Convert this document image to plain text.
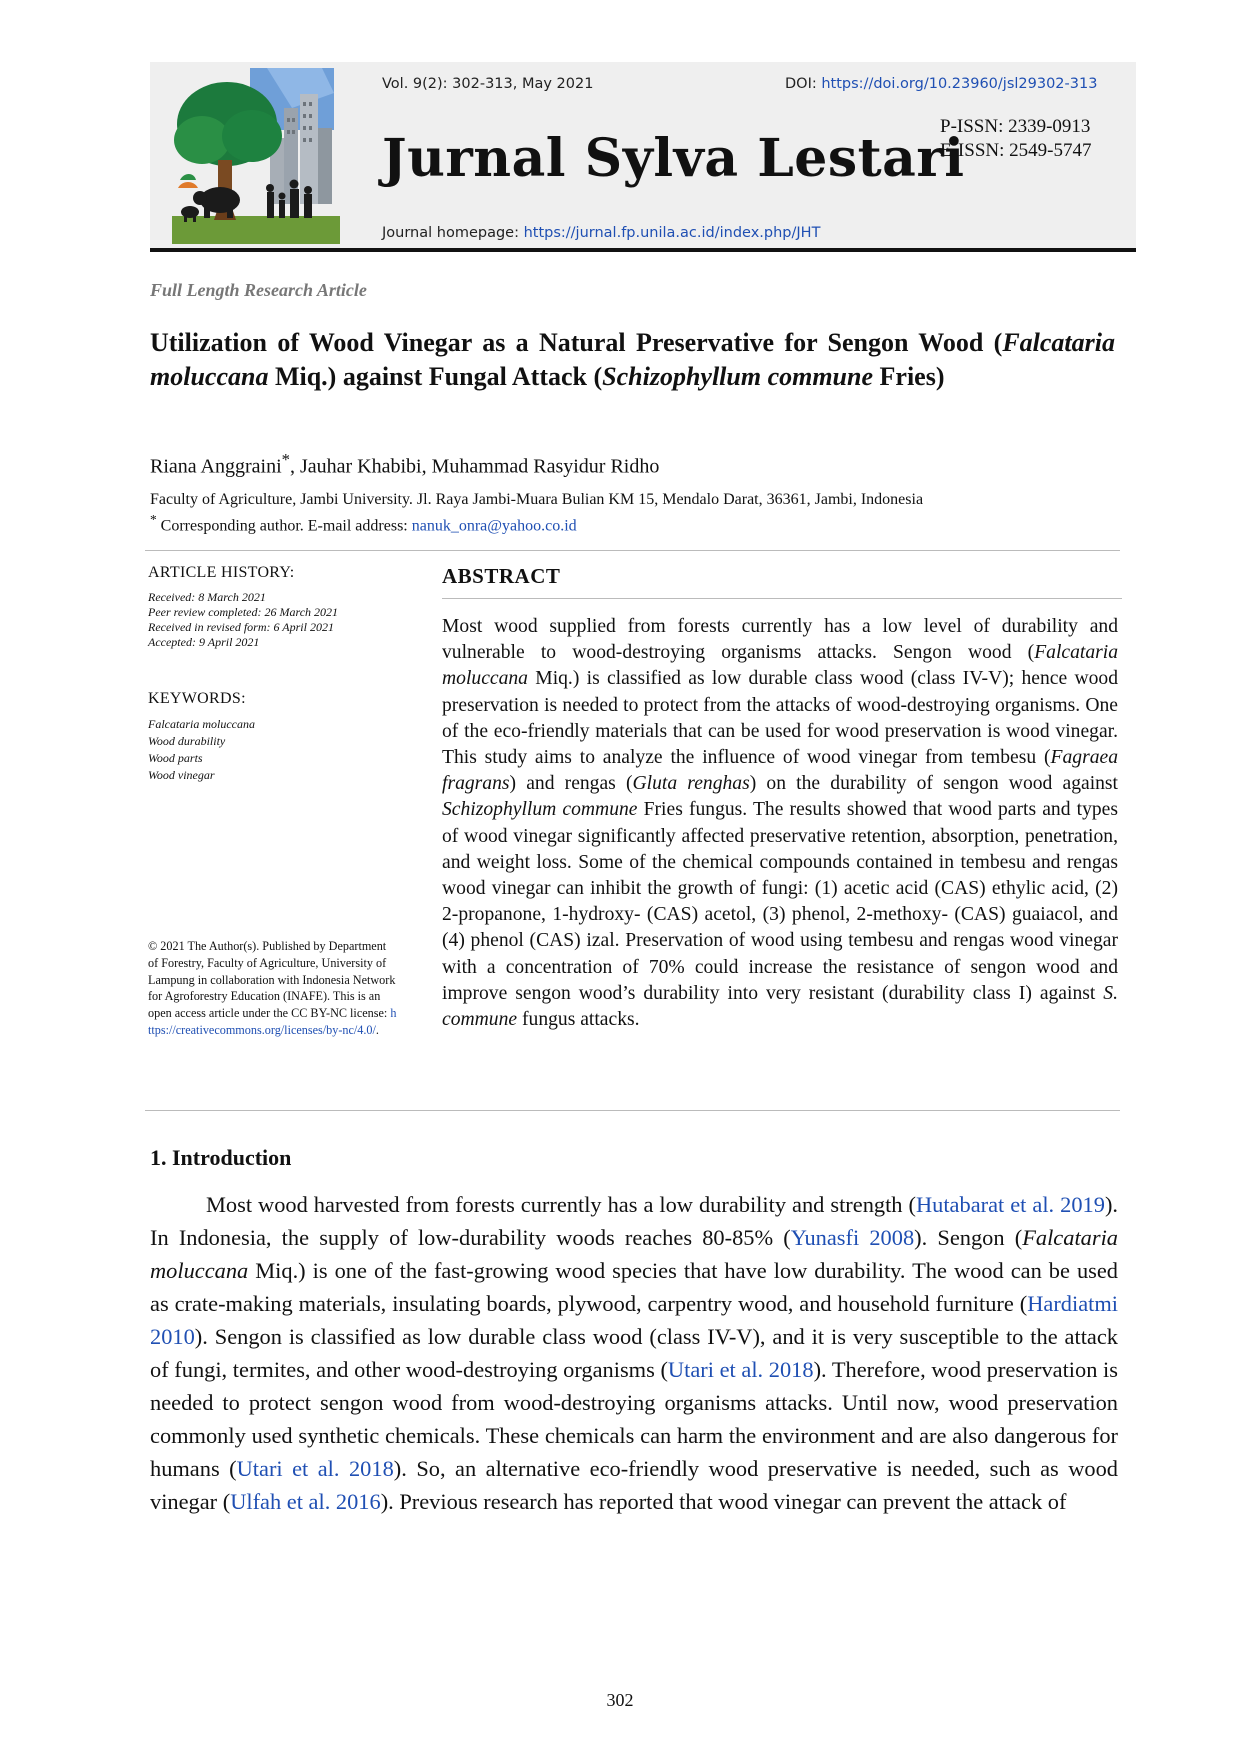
Vol. 9(2): 302-313, May 2021	DOI: https://doi.org/10.23960/jsl29302-313
Jurnal Sylva Lestari
P-ISSN: 2339-0913
E-ISSN: 2549-5747
Journal homepage: https://jurnal.fp.unila.ac.id/index.php/JHT
Full Length Research Article
Utilization of Wood Vinegar as a Natural Preservative for Sengon Wood (Falcataria moluccana Miq.) against Fungal Attack (Schizophyllum commune Fries)
Riana Anggraini*, Jauhar Khabibi, Muhammad Rasyidur Ridho
Faculty of Agriculture, Jambi University. Jl. Raya Jambi-Muara Bulian KM 15, Mendalo Darat, 36361, Jambi, Indonesia
* Corresponding author. E-mail address: nanuk_onra@yahoo.co.id
ARTICLE HISTORY:
Received: 8 March 2021
Peer review completed: 26 March 2021
Received in revised form: 6 April 2021
Accepted: 9 April 2021
KEYWORDS:
Falcataria moluccana
Wood durability
Wood parts
Wood vinegar
© 2021 The Author(s). Published by Department of Forestry, Faculty of Agriculture, University of Lampung in collaboration with Indonesia Network for Agroforestry Education (INAFE). This is an open access article under the CC BY-NC license: https://creativecommons.org/licenses/by-nc/4.0/.
ABSTRACT
Most wood supplied from forests currently has a low level of durability and vulnerable to wood-destroying organisms attacks. Sengon wood (Falcataria moluccana Miq.) is classified as low durable class wood (class IV-V); hence wood preservation is needed to protect from the attacks of wood-destroying organisms. One of the eco-friendly materials that can be used for wood preservation is wood vinegar. This study aims to analyze the influence of wood vinegar from tembesu (Fagraea fragrans) and rengas (Gluta renghas) on the durability of sengon wood against Schizophyllum commune Fries fungus. The results showed that wood parts and types of wood vinegar significantly affected preservative retention, absorption, penetration, and weight loss. Some of the chemical compounds contained in tembesu and rengas wood vinegar can inhibit the growth of fungi: (1) acetic acid (CAS) ethylic acid, (2) 2-propanone, 1-hydroxy- (CAS) acetol, (3) phenol, 2-methoxy- (CAS) guaiacol, and (4) phenol (CAS) izal. Preservation of wood using tembesu and rengas wood vinegar with a concentration of 70% could increase the resistance of sengon wood and improve sengon wood’s durability into very resistant (durability class I) against S. commune fungus attacks.
1. Introduction
Most wood harvested from forests currently has a low durability and strength (Hutabarat et al. 2019). In Indonesia, the supply of low-durability woods reaches 80-85% (Yunasfi 2008). Sengon (Falcataria moluccana Miq.) is one of the fast-growing wood species that have low durability. The wood can be used as crate-making materials, insulating boards, plywood, carpentry wood, and household furniture (Hardiatmi 2010). Sengon is classified as low durable class wood (class IV-V), and it is very susceptible to the attack of fungi, termites, and other wood-destroying organisms (Utari et al. 2018). Therefore, wood preservation is needed to protect sengon wood from wood-destroying organisms attacks. Until now, wood preservation commonly used synthetic chemicals. These chemicals can harm the environment and are also dangerous for humans (Utari et al. 2018). So, an alternative eco-friendly wood preservative is needed, such as wood vinegar (Ulfah et al. 2016). Previous research has reported that wood vinegar can prevent the attack of
302
